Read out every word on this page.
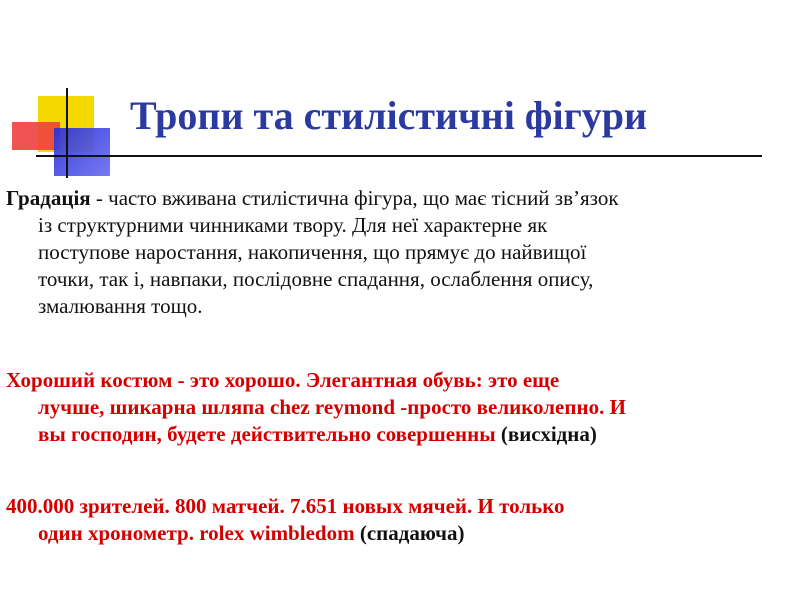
Тропи та стилістичні фігури
Градація - часто вживана стилістична фігура, що має тісний зв’язок
із структурними чинниками твору. Для неї характерне як
поступове наростання, накопичення, що прямує до найвищої
точки, так і, навпаки, послідовне спадання, ослаблення опису,
змалювання тощо.
Хороший костюм - это хорошо. Элегантная обувь: это еще
лучше, шикарна шляпа chez reymond -просто великолепно. И
вы господин, будете действительно совершенны (висхідна)
400.000 зрителей. 800 матчей. 7.651 новых мячей. И только
один хронометр. rolex wimbledom (спадаюча)
